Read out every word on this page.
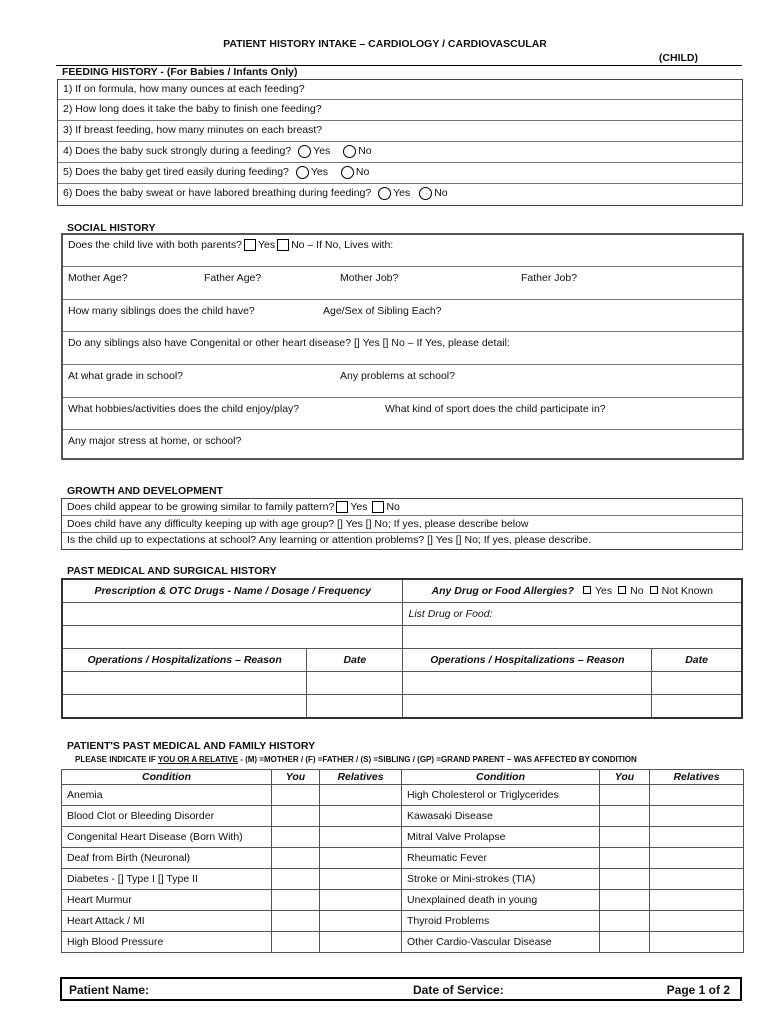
PATIENT HISTORY INTAKE – CARDIOLOGY / CARDIOVASCULAR
(CHILD)
FEEDING HISTORY - (For Babies / Infants Only)
1) If on formula, how many ounces at each feeding?
2) How long does it take the baby to finish one feeding?
3) If breast feeding, how many minutes on each breast?
4) Does the baby suck strongly during a feeding? Yes	No
5) Does the baby get tired easily during feeding? Yes	No
6) Does the baby sweat or have labored breathing during feeding? Yes No
SOCIAL HISTORY
Does the child live with both parents? Yes No – If No, Lives with:
Mother Age?	Father Age?	Mother Job?	Father Job?
How many siblings does the child have?	Age/Sex of Sibling Each?
Do any siblings also have Congenital or other heart disease? [] Yes [] No – If Yes, please detail:
At what grade in school?	Any problems at school?
What hobbies/activities does the child enjoy/play?	What kind of sport does the child participate in?
Any major stress at home, or school?
GROWTH AND DEVELOPMENT
Does child appear to be growing similar to family pattern? Yes No
Does child have any difficulty keeping up with age group? [] Yes [] No; If yes, please describe below
Is the child up to expectations at school? Any learning or attention problems? [] Yes [] No; If yes, please describe.
PAST MEDICAL AND SURGICAL HISTORY
Prescription & OTC Drugs - Name / Dosage / Frequency		Any Drug or Food Allergies? Yes No Not Known	
		List Drug or Food:	

Operations / Hospitalizations – Reason	Date	Operations / Hospitalizations – Reason	Date

PATIENT'S PAST MEDICAL AND FAMILY HISTORY
PLEASE INDICATE IF YOU OR A RELATIVE - (M) =MOTHER / (F) =FATHER / (S) =SIBLING / (GP) =GRAND PARENT – WAS AFFECTED BY CONDITION
Condition	You	Relatives	Condition	You	Relatives
Anemia			High Cholesterol or Triglycerides		
Blood Clot or Bleeding Disorder			Kawasaki Disease		
Congenital Heart Disease (Born With)			Mitral Valve Prolapse		
Deaf from Birth (Neuronal)			Rheumatic Fever		
Diabetes - [] Type I [] Type II			Stroke or Mini-strokes (TIA)		
Heart Murmur			Unexplained death in young		
Heart Attack / MI			Thyroid Problems		
High Blood Pressure			Other Cardio-Vascular Disease		
Patient Name:	Date of Service:	Page 1 of 2
